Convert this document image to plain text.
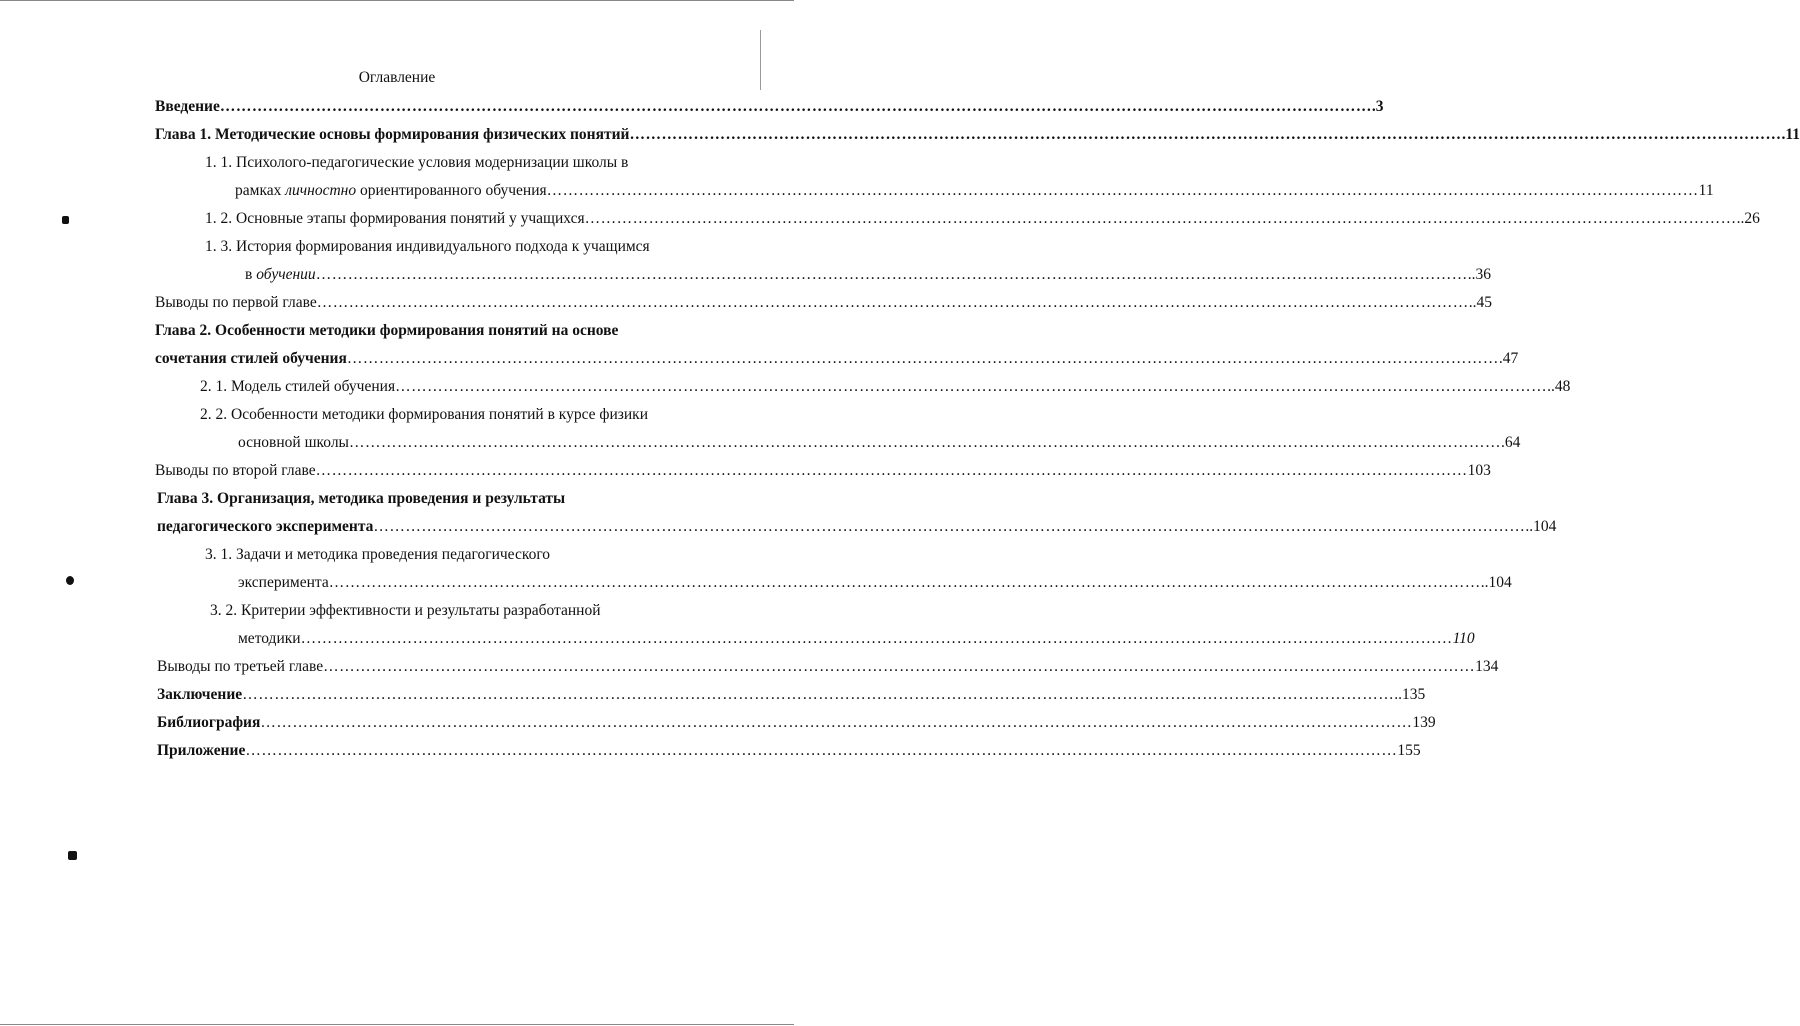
Оглавление
Введение ……………………………………………………………………………………………………………………………………………………………………………………………… .3
Глава 1. Методические основы формирования физических понятий ……………………………………………………………………………………………………………………………………………………………………………………………… .11
1. 1. Психолого-педагогические условия модернизации школы в
рамках личностно ориентированного обучения ……………………………………………………………………………………………………………………………………………………………………………………………… 11
1. 2. Основные этапы формирования понятий у учащихся ……………………………………………………………………………………………………………………………………………………………………………………………… ..26
1. 3. История формирования индивидуального подхода к учащимся
в обучении ……………………………………………………………………………………………………………………………………………………………………………………………… ..36
Выводы по первой главе ……………………………………………………………………………………………………………………………………………………………………………………………… ..45
Глава 2. Особенности методики формирования понятий на основе
сочетания стилей обучения ……………………………………………………………………………………………………………………………………………………………………………………………… .47
2. 1. Модель стилей обучения ……………………………………………………………………………………………………………………………………………………………………………………………… ..48
2. 2. Особенности методики формирования понятий в курсе физики
основной школы ……………………………………………………………………………………………………………………………………………………………………………………………… .64
Выводы по второй главе ……………………………………………………………………………………………………………………………………………………………………………………………… 103
Глава 3. Организация, методика проведения и результаты
педагогического эксперимента ……………………………………………………………………………………………………………………………………………………………………………………………… ..104
3. 1. Задачи и методика проведения педагогического
эксперимента ……………………………………………………………………………………………………………………………………………………………………………………………… ..104
3. 2. Критерии эффективности и результаты разработанной
методики ……………………………………………………………………………………………………………………………………………………………………………………………… 110
Выводы по третьей главе ……………………………………………………………………………………………………………………………………………………………………………………………… 134
Заключение ……………………………………………………………………………………………………………………………………………………………………………………………… ..135
Библиография ……………………………………………………………………………………………………………………………………………………………………………………………… 139
Приложение ……………………………………………………………………………………………………………………………………………………………………………………………… 155
